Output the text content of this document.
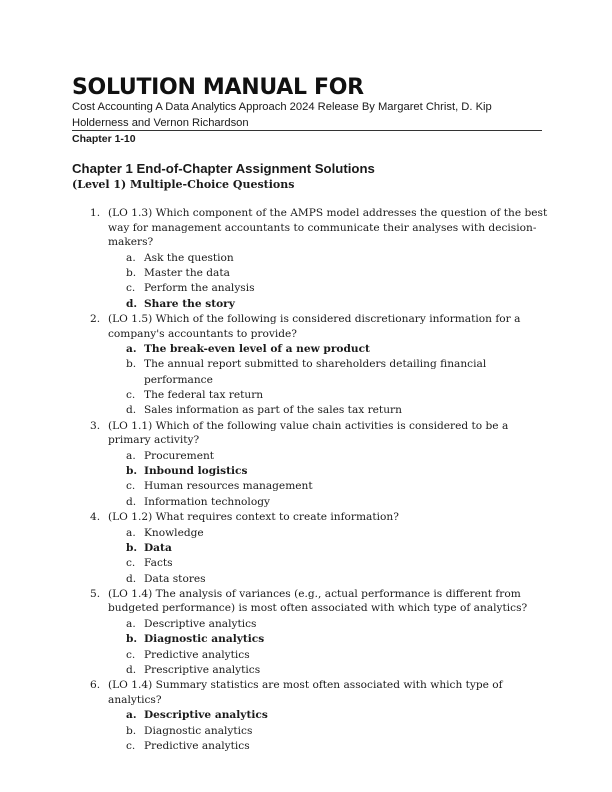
SOLUTION MANUAL FOR
Cost Accounting A Data Analytics Approach 2024 Release By Margaret Christ, D. Kip Holderness and Vernon Richardson
Chapter 1-10
Chapter 1 End-of-Chapter Assignment Solutions
(Level 1) Multiple-Choice Questions
1. (LO 1.3) Which component of the AMPS model addresses the question of the best way for management accountants to communicate their analyses with decision-makers?
a. Ask the question
b. Master the data
c. Perform the analysis
d. Share the story
2. (LO 1.5) Which of the following is considered discretionary information for a company's accountants to provide?
a. The break-even level of a new product
b. The annual report submitted to shareholders detailing financial performance
c. The federal tax return
d. Sales information as part of the sales tax return
3. (LO 1.1) Which of the following value chain activities is considered to be a primary activity?
a. Procurement
b. Inbound logistics
c. Human resources management
d. Information technology
4. (LO 1.2) What requires context to create information?
a. Knowledge
b. Data
c. Facts
d. Data stores
5. (LO 1.4) The analysis of variances (e.g., actual performance is different from budgeted performance) is most often associated with which type of analytics?
a. Descriptive analytics
b. Diagnostic analytics
c. Predictive analytics
d. Prescriptive analytics
6. (LO 1.4) Summary statistics are most often associated with which type of analytics?
a. Descriptive analytics
b. Diagnostic analytics
c. Predictive analytics
